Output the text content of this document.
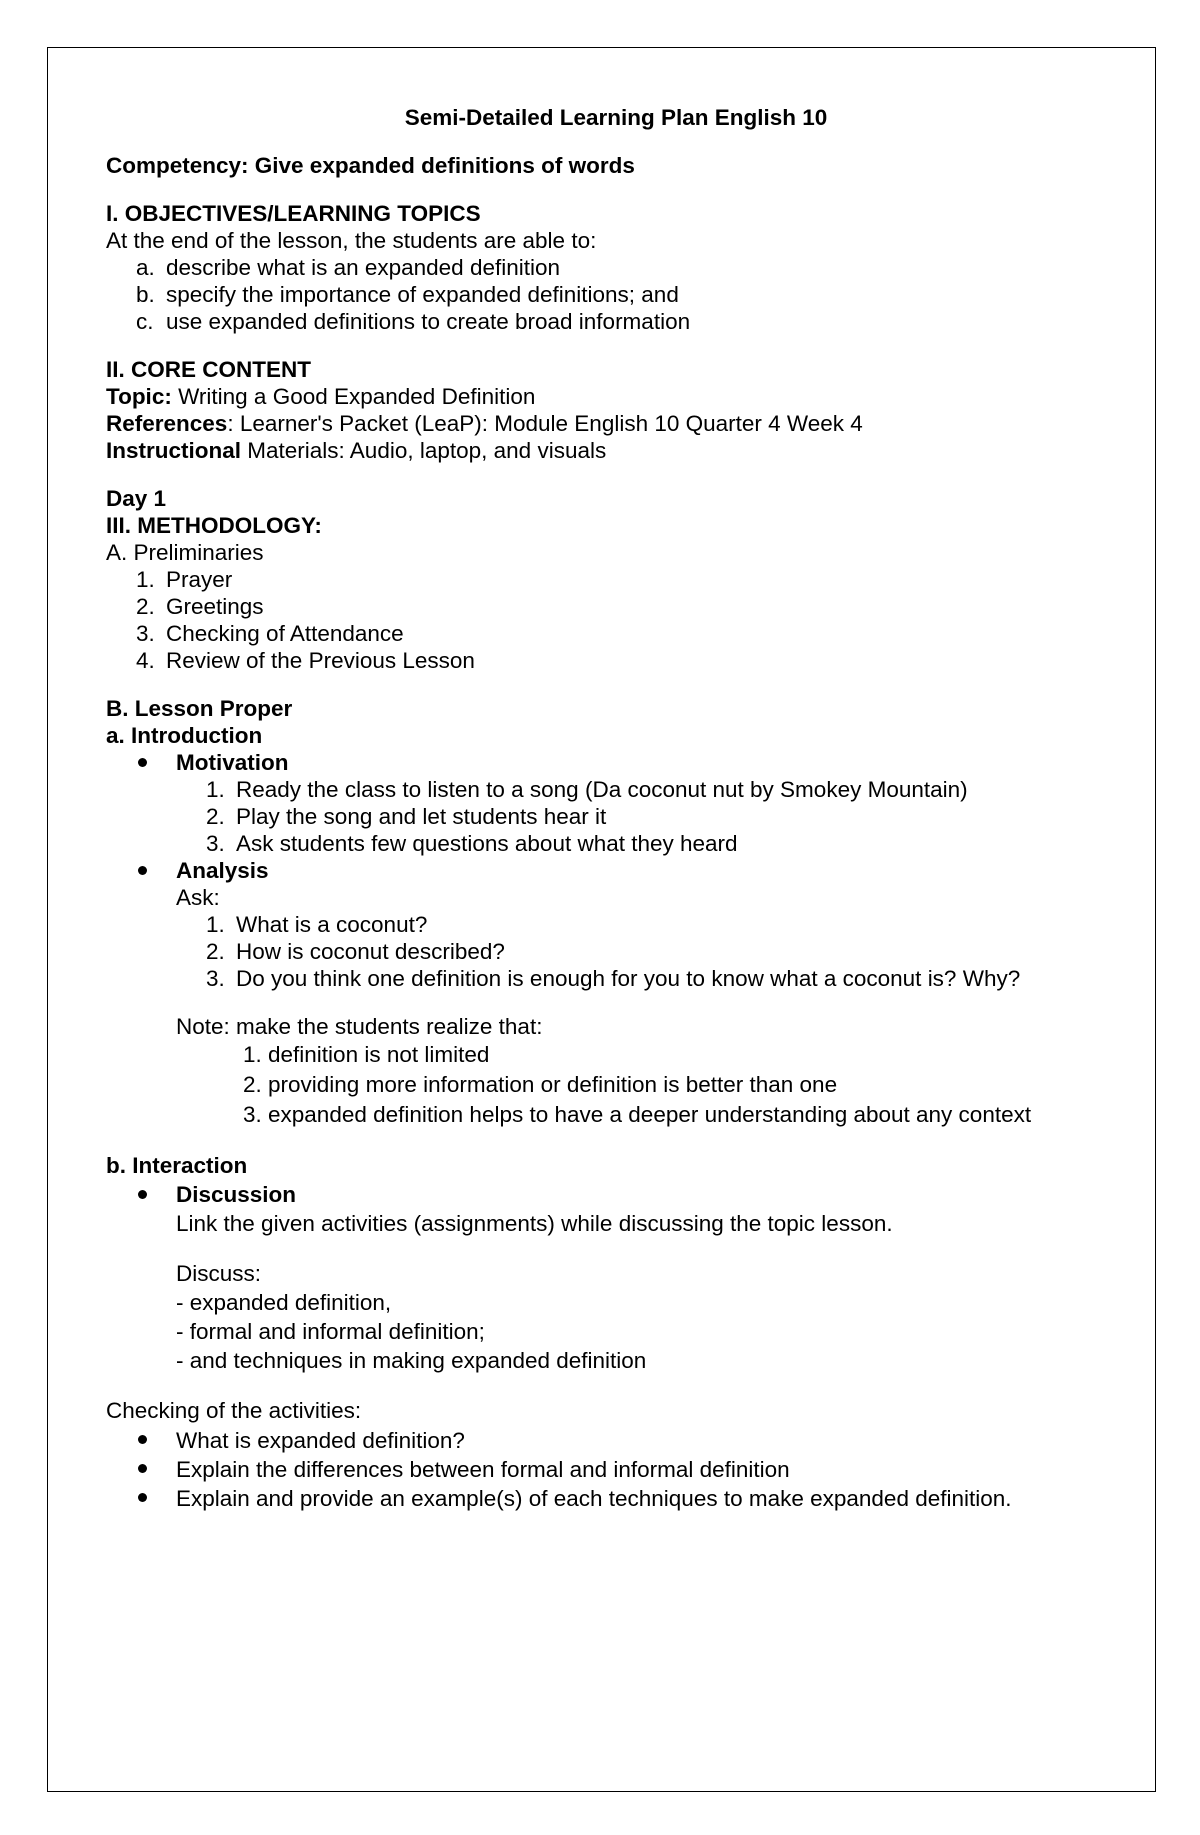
Semi-Detailed Learning Plan English 10
Competency: Give expanded definitions of words
I. OBJECTIVES/LEARNING TOPICS
At the end of the lesson, the students are able to:
a. describe what is an expanded definition
b. specify the importance of expanded definitions; and
c. use expanded definitions to create broad information
II. CORE CONTENT
Topic: Writing a Good Expanded Definition
References: Learner's Packet (LeaP): Module English 10 Quarter 4 Week 4
Instructional Materials: Audio, laptop, and visuals
Day 1
III. METHODOLOGY:
A. Preliminaries
1. Prayer
2. Greetings
3. Checking of Attendance
4. Review of the Previous Lesson
B. Lesson Proper
a. Introduction
Motivation
1. Ready the class to listen to a song (Da coconut nut by Smokey Mountain)
2. Play the song and let students hear it
3. Ask students few questions about what they heard
Analysis
Ask:
1. What is a coconut?
2. How is coconut described?
3. Do you think one definition is enough for you to know what a coconut is? Why?
Note: make the students realize that:
1. definition is not limited
2. providing more information or definition is better than one
3. expanded definition helps to have a deeper understanding about any context
b. Interaction
Discussion
Link the given activities (assignments) while discussing the topic lesson.
Discuss:
- expanded definition,
- formal and informal definition;
- and techniques in making expanded definition
Checking of the activities:
What is expanded definition?
Explain the differences between formal and informal definition
Explain and provide an example(s) of each techniques to make expanded definition.
